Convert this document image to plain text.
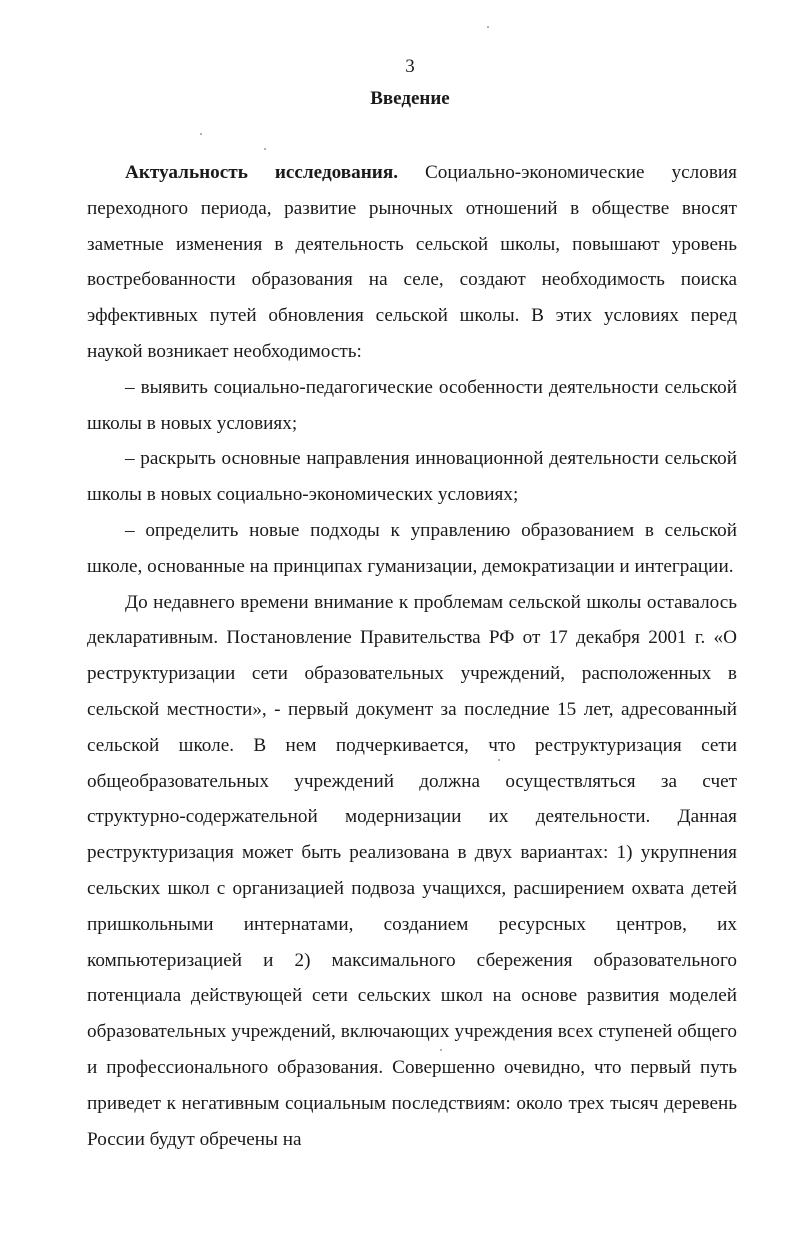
3
Введение

Актуальность исследования. Социально-экономические условия переходного периода, развитие рыночных отношений в обществе вносят заметные изменения в деятельность сельской школы, повышают уровень востребованности образования на селе, создают необходимость поиска эффективных путей обновления сельской школы. В этих условиях перед наукой возникает необходимость:

– выявить социально-педагогические особенности деятельности сельской школы в новых условиях;

– раскрыть основные направления инновационной деятельности сельской школы в новых социально-экономических условиях;

– определить новые подходы к управлению образованием в сельской школе, основанные на принципах гуманизации, демократизации и интеграции.

До недавнего времени внимание к проблемам сельской школы оставалось декларативным. Постановление Правительства РФ от 17 декабря 2001 г. «О реструктуризации сети образовательных учреждений, расположенных в сельской местности», - первый документ за последние 15 лет, адресованный сельской школе. В нем подчеркивается, что реструктуризация сети общеобразовательных учреждений должна осуществляться за счет структурно-содержательной модернизации их деятельности. Данная реструктуризация может быть реализована в двух вариантах: 1) укрупнения сельских школ с организацией подвоза учащихся, расширением охвата детей пришкольными интернатами, созданием ресурсных центров, их компьютеризацией и 2) максимального сбережения образовательного потенциала действующей сети сельских школ на основе развития моделей образовательных учреждений, включающих учреждения всех ступеней общего и профессионального образования. Совершенно очевидно, что первый путь приведет к негативным социальным последствиям: около трех тысяч деревень России будут обречены на
